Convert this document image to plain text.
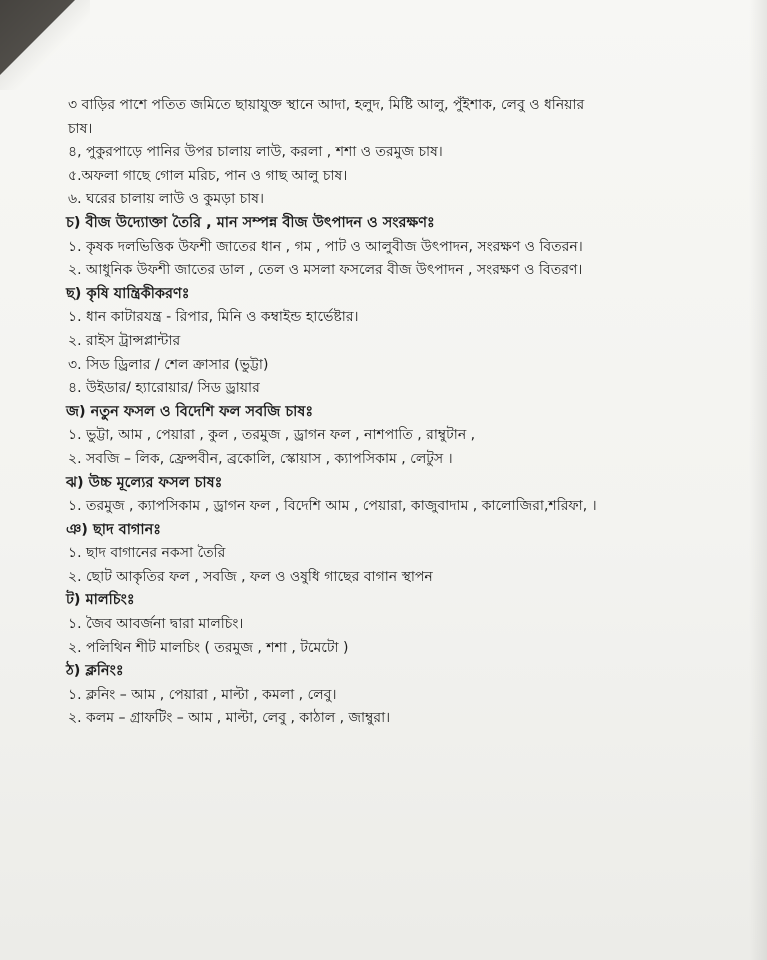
৩ বাড়ির পাশে পতিত জমিতে ছায়াযুক্ত স্থানে আদা, হলুদ, মিষ্টি আলু, পুঁইশাক, লেবু ও ধনিয়ার
চাষ।
৪, পুকুরপাড়ে পানির উপর চালায় লাউ, করলা , শশা ও তরমুজ চাষ।
৫.অফলা গাছে গোল মরিচ, পান ও গাছ আলু চাষ।
৬. ঘরের চালায় লাউ ও কুমড়া চাষ।
চ) বীজ উদ্যোক্তা তৈরি , মান সম্পন্ন বীজ উৎপাদন ও সংরক্ষণঃ
১. কৃষক দলভিত্তিক উফশী জাতের ধান , গম , পাট ও আলুবীজ উৎপাদন, সংরক্ষণ ও বিতরন।
২. আধুনিক উফশী জাতের ডাল , তেল ও মসলা ফসলের বীজ উৎপাদন , সংরক্ষণ ও বিতরণ।
ছ) কৃষি যান্ত্রিকীকরণঃ
১. ধান কাটারযন্ত্র - রিপার, মিনি ও কম্বাইন্ড হার্ভেষ্টার।
২. রাইস ট্রান্সপ্লান্টার
৩. সিড ড্রিলার / শেল ক্রাসার (ভুট্টা)
৪. উইডার/ হ্যারোয়ার/ সিড ড্রায়ার
জ) নতুন ফসল ও বিদেশি ফল সবজি চাষঃ
১. ভুট্টা, আম , পেয়ারা , কুল , তরমুজ , ড্রাগন ফল , নাশপাতি , রাম্বুটান ,
২. সবজি – লিক, ফ্রেন্সবীন, ব্রকোলি, স্কোয়াস , ক্যাপসিকাম , লেটুস ।
ঝ) উচ্চ মূল্যের ফসল চাষঃ
১. তরমুজ , ক্যাপসিকাম , ড্রাগন ফল , বিদেশি আম , পেয়ারা, কাজুবাদাম , কালোজিরা,শরিফা, ।
ঞ) ছাদ বাগানঃ
১. ছাদ বাগানের নকসা তৈরি
২. ছোট আকৃতির ফল , সবজি , ফল ও ওষুধি গাছের বাগান স্থাপন
ট) মালচিংঃ
১. জৈব আবর্জনা দ্বারা মালচিং।
২. পলিথিন শীট মালচিং ( তরমুজ , শশা , টমেটো )
ঠ) ক্লনিংঃ
১. ক্লনিং – আম , পেয়ারা , মাল্টা , কমলা , লেবু।
২. কলম – গ্রাফটিং – আম , মাল্টা, লেবু , কাঠাল , জাম্বুরা।
